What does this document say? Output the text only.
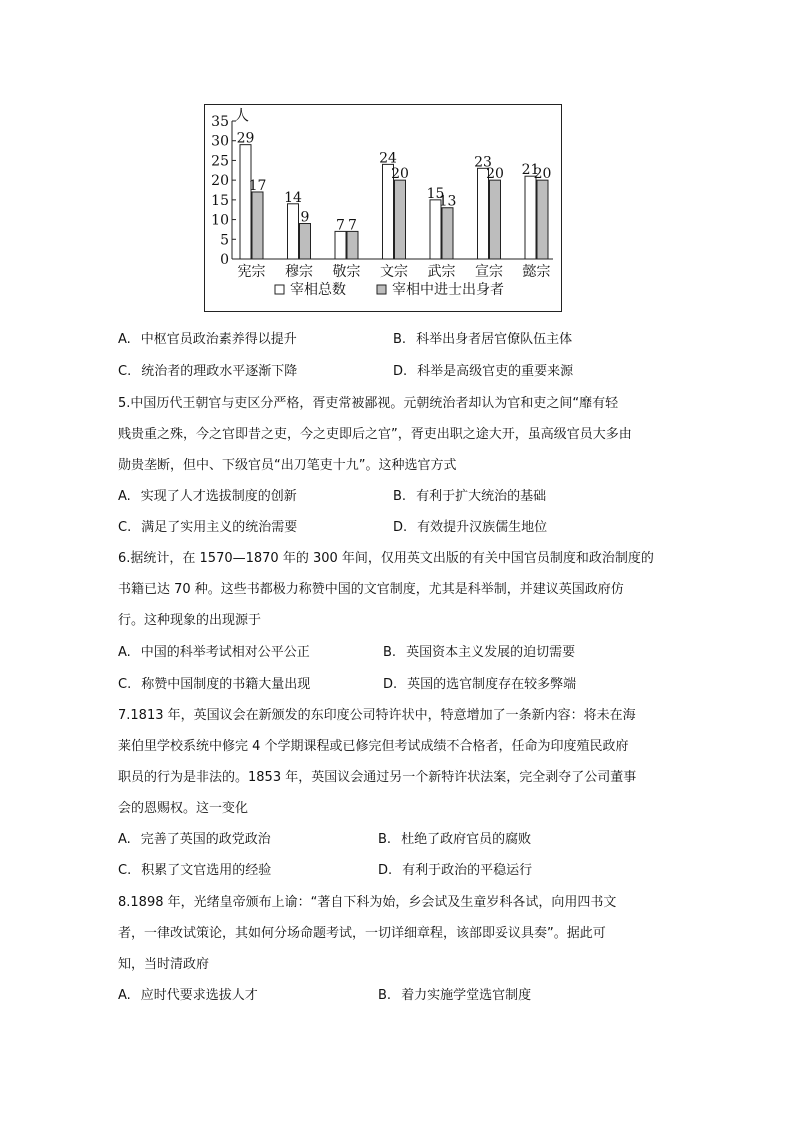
0
5
10
15
20
25
30
35 人
29
17
宪宗
14
9
穆宗
7 7
敬宗
24
20
文宗
15
13
武宗
23
20
宣宗
21
20
懿宗
宰相总数	宰相中进士出身者
A. 中枢官员政治素养得以提升	B. 科举出身者居官僚队伍主体
C. 统治者的理政水平逐渐下降	D. 科举是高级官吏的重要来源
5.中国历代王朝官与吏区分严格，胥吏常被鄙视。元朝统治者却认为官和吏之间“靡有轻
贱贵重之殊，今之官即昔之吏，今之吏即后之官”，胥吏出职之途大开，虽高级官员大多由
勋贵垄断，但中、下级官员“出刀笔吏十九”。这种选官方式
A. 实现了人才选拔制度的创新	B. 有利于扩大统治的基础
C. 满足了实用主义的统治需要	D. 有效提升汉族儒生地位
6.据统计，在 1570—1870 年的 300 年间，仅用英文出版的有关中国官员制度和政治制度的
书籍已达 70 种。这些书都极力称赞中国的文官制度，尤其是科举制，并建议英国政府仿
行。这种现象的出现源于
A. 中国的科举考试相对公平公正	B. 英国资本主义发展的迫切需要
C. 称赞中国制度的书籍大量出现	D. 英国的选官制度存在较多弊端
7.1813 年，英国议会在新颁发的东印度公司特许状中，特意增加了一条新内容：将未在海
莱伯里学校系统中修完 4 个学期课程或已修完但考试成绩不合格者，任命为印度殖民政府
职员的行为是非法的。1853 年，英国议会通过另一个新特许状法案，完全剥夺了公司董事
会的恩赐权。这一变化
A. 完善了英国的政党政治	B. 杜绝了政府官员的腐败
C. 积累了文官选用的经验	D. 有利于政治的平稳运行
8.1898 年，光绪皇帝颁布上谕：“著自下科为始，乡会试及生童岁科各试，向用四书文
者，一律改试策论，其如何分场命题考试，一切详细章程，该部即妥议具奏”。据此可
知，当时清政府
A. 应时代要求选拔人才	B. 着力实施学堂选官制度
